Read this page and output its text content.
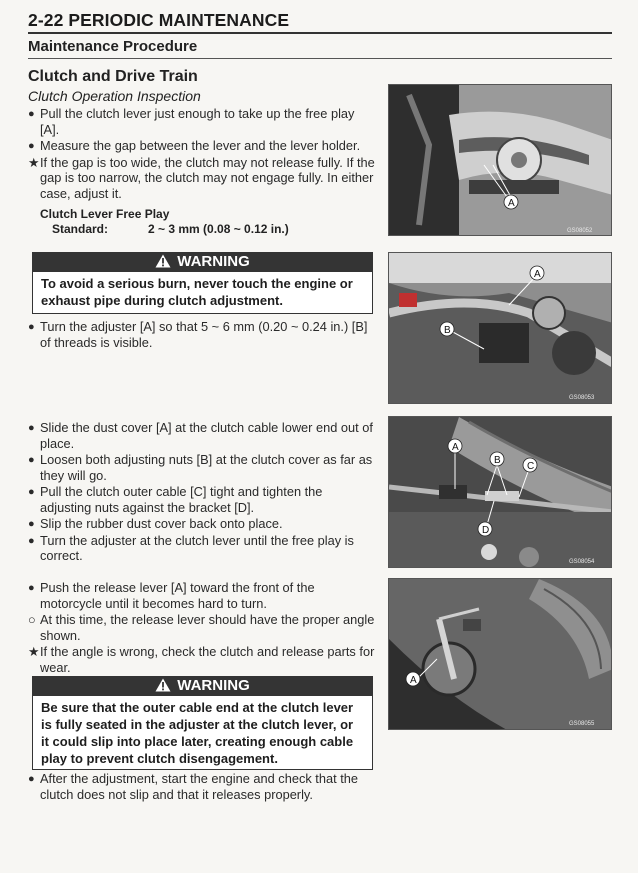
2-22 PERIODIC MAINTENANCE
Maintenance Procedure
Clutch and Drive Train
Clutch Operation Inspection
● Pull the clutch lever just enough to take up the free play [A].
● Measure the gap between the lever and the lever holder.
★ If the gap is too wide, the clutch may not release fully. If the gap is too narrow, the clutch may not engage fully. In either case, adjust it.
Clutch Lever Free Play
Standard:	2 ~ 3 mm (0.08 ~ 0.12 in.)
WARNING
To avoid a serious burn, never touch the engine or exhaust pipe during clutch adjustment.
● Turn the adjuster [A] so that 5 ~ 6 mm (0.20 ~ 0.24 in.) [B] of threads is visible.
● Slide the dust cover [A] at the clutch cable lower end out of place.
● Loosen both adjusting nuts [B] at the clutch cover as far as they will go.
● Pull the clutch outer cable [C] tight and tighten the adjusting nuts against the bracket [D].
● Slip the rubber dust cover back onto place.
● Turn the adjuster at the clutch lever until the free play is correct.
● Push the release lever [A] toward the front of the motorcycle until it becomes hard to turn.
○ At this time, the release lever should have the proper angle shown.
★ If the angle is wrong, check the clutch and release parts for wear.
WARNING
Be sure that the outer cable end at the clutch lever is fully seated in the adjuster at the clutch lever, or it could slip into place later, creating enough cable play to prevent clutch disengagement.
● After the adjustment, start the engine and check that the clutch does not slip and that it releases properly.
A
GS08052
A
B
GS08053
A
B
C
D
GS08054
A
GS08055
